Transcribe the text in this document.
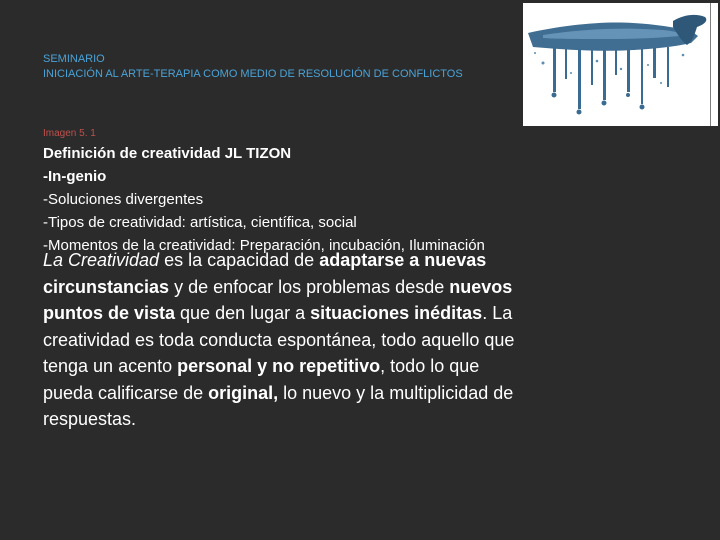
SEMINARIO
INICIACIÓN AL ARTE-TERAPIA COMO MEDIO DE RESOLUCIÓN DE CONFLICTOS
Imagen 5. 1
Definición de creatividad JL TIZON
-In-genio
-Soluciones divergentes
-Tipos de creatividad: artística, científica, social
-Momentos de la creatividad: Preparación, incubación, Iluminación
La Creatividad es la capacidad de adaptarse a nuevas
circunstancias y de enfocar los problemas desde nuevos
puntos de vista que den lugar a situaciones inéditas. La
creatividad es toda conducta espontánea, todo aquello que
tenga un acento personal y no repetitivo, todo lo que
pueda calificarse de original, lo nuevo y la multiplicidad de
respuestas.
